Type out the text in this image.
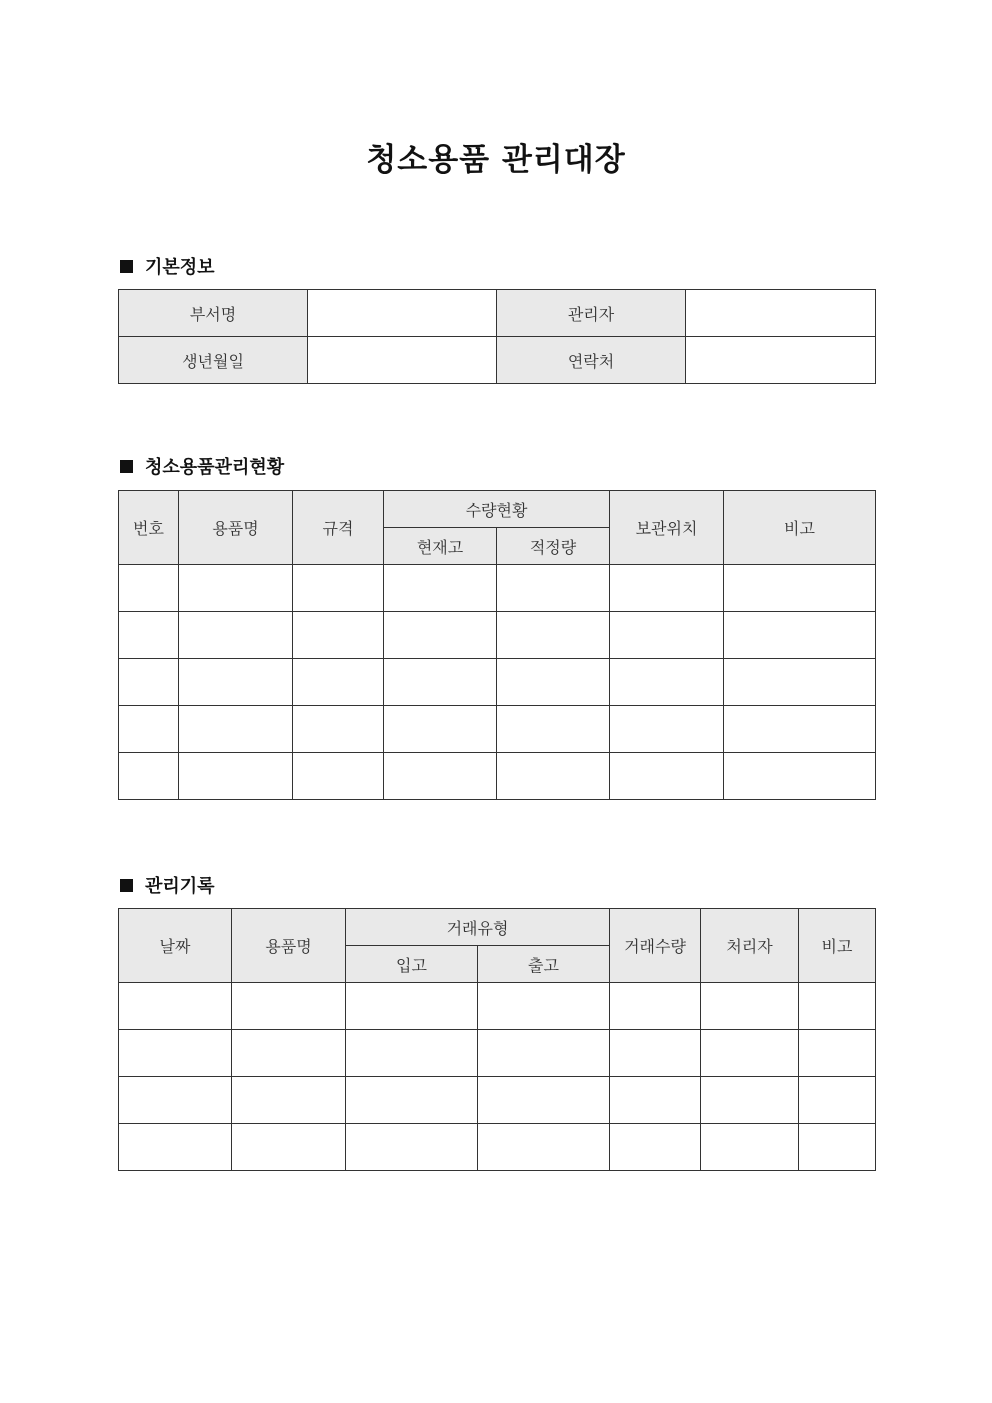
청소용품 관리대장
기본정보
부서명		관리자	
생년월일		연락처	
청소용품관리현황
번호	용품명	규격	수량현황		보관위치	비고
			현재고	적정량		

관리기록
날짜	용품명	거래유형		거래수량	처리자	비고
		입고	출고			
